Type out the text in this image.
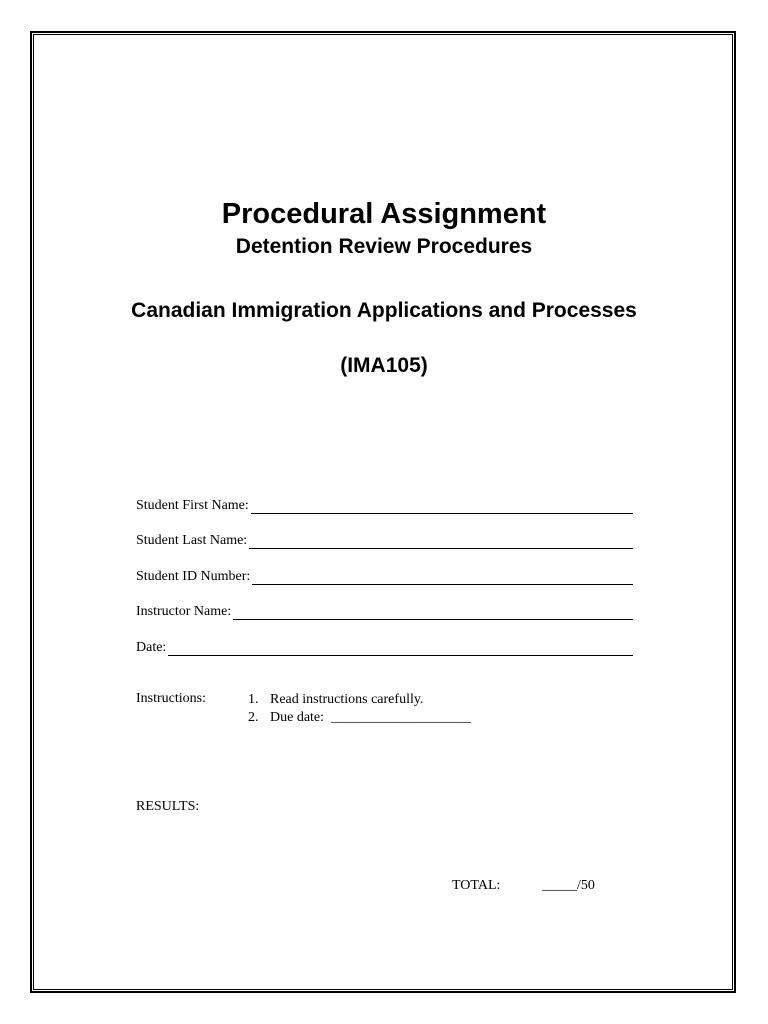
Procedural Assignment
Detention Review Procedures
Canadian Immigration Applications and Processes
(IMA105)
Student First Name:
Student Last Name:
Student ID Number:
Instructor Name:
Date:
Instructions:	1. Read instructions carefully.
2. Due date:  ____________________
RESULTS:
TOTAL:	_____/50
